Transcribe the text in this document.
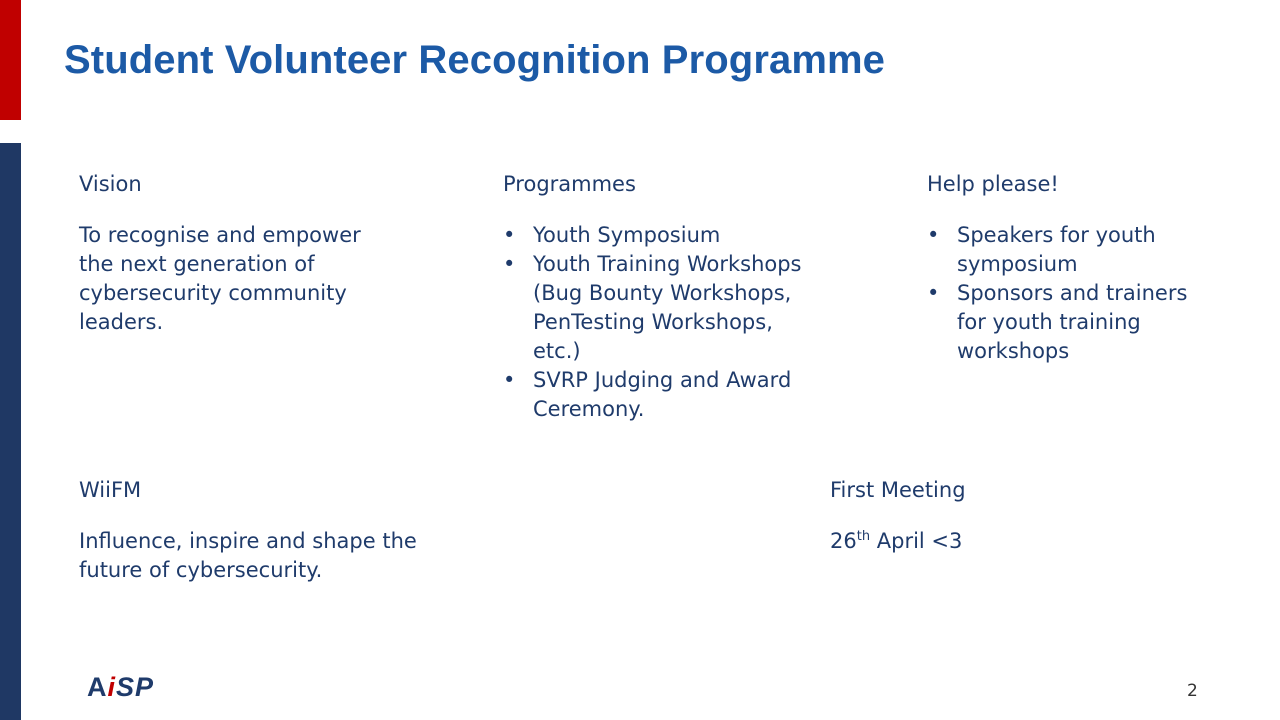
Student Volunteer Recognition Programme

Vision

To recognise and empower the next generation of cybersecurity community leaders.

Programmes

• Youth Symposium
• Youth Training Workshops (Bug Bounty Workshops, PenTesting Workshops, etc.)
• SVRP Judging and Award Ceremony.

Help please!

• Speakers for youth symposium
• Sponsors and trainers for youth training workshops

WiiFM

Influence, inspire and shape the future of cybersecurity.

First Meeting

26th April <3

AiSP	2
